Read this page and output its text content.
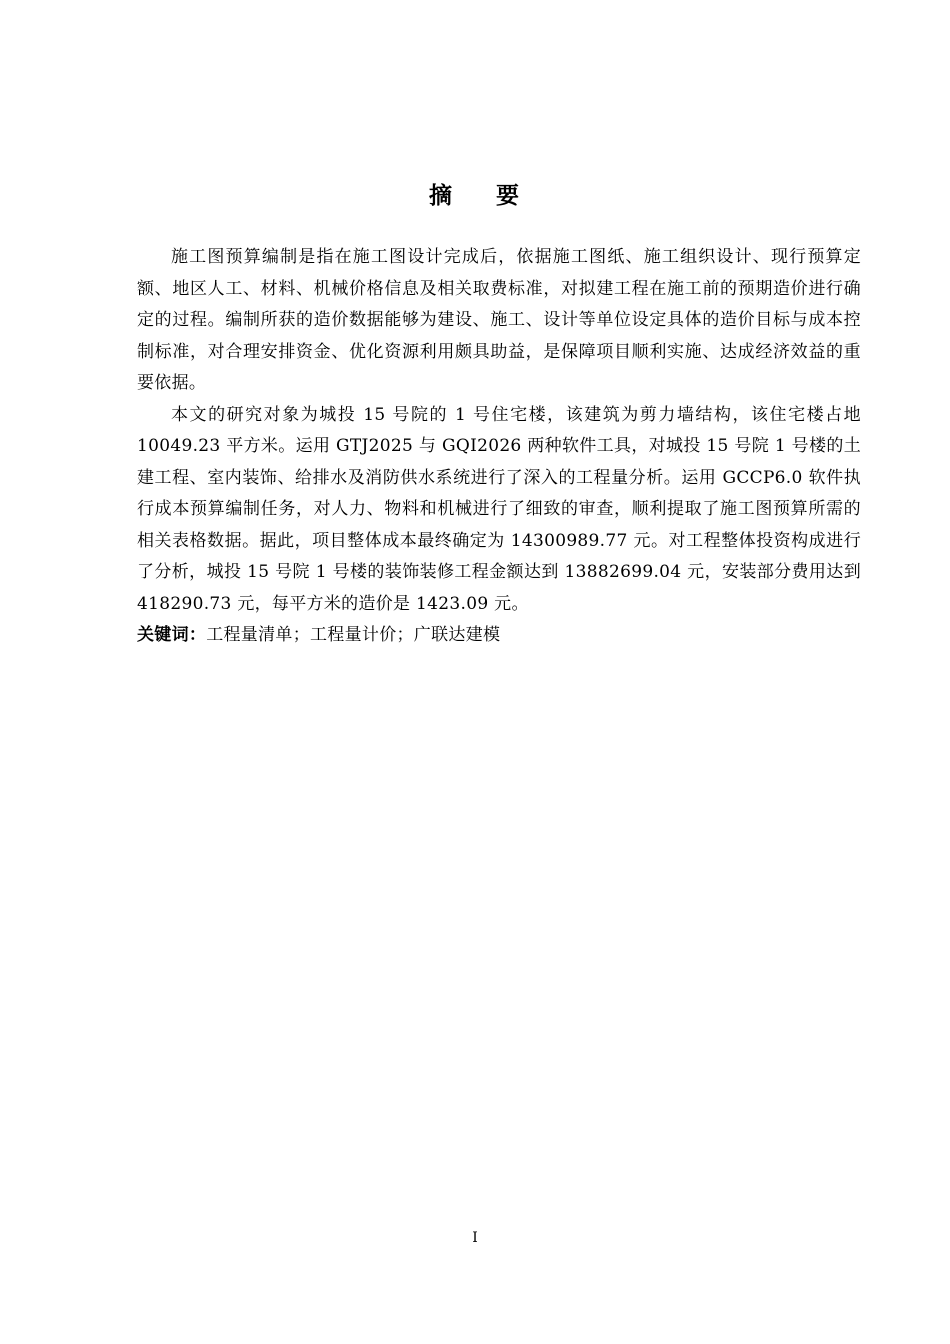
摘 要

施工图预算编制是指在施工图设计完成后，依据施工图纸、施工组织设计、现行预算定额、地区人工、材料、机械价格信息及相关取费标准，对拟建工程在施工前的预期造价进行确定的过程。编制所获的造价数据能够为建设、施工、设计等单位设定具体的造价目标与成本控制标准，对合理安排资金、优化资源利用颇具助益，是保障项目顺利实施、达成经济效益的重要依据。

本文的研究对象为城投 15 号院的 1 号住宅楼，该建筑为剪力墙结构，该住宅楼占地 10049.23 平方米。运用 GTJ2025 与 GQI2026 两种软件工具，对城投 15 号院 1 号楼的土建工程、室内装饰、给排水及消防供水系统进行了深入的工程量分析。运用 GCCP6.0 软件执行成本预算编制任务，对人力、物料和机械进行了细致的审查，顺利提取了施工图预算所需的相关表格数据。据此，项目整体成本最终确定为 14300989.77 元。对工程整体投资构成进行了分析，城投 15 号院 1 号楼的装饰装修工程金额达到 13882699.04 元，安装部分费用达到 418290.73 元，每平方米的造价是 1423.09 元。

关键词：工程量清单；工程量计价；广联达建模

I
